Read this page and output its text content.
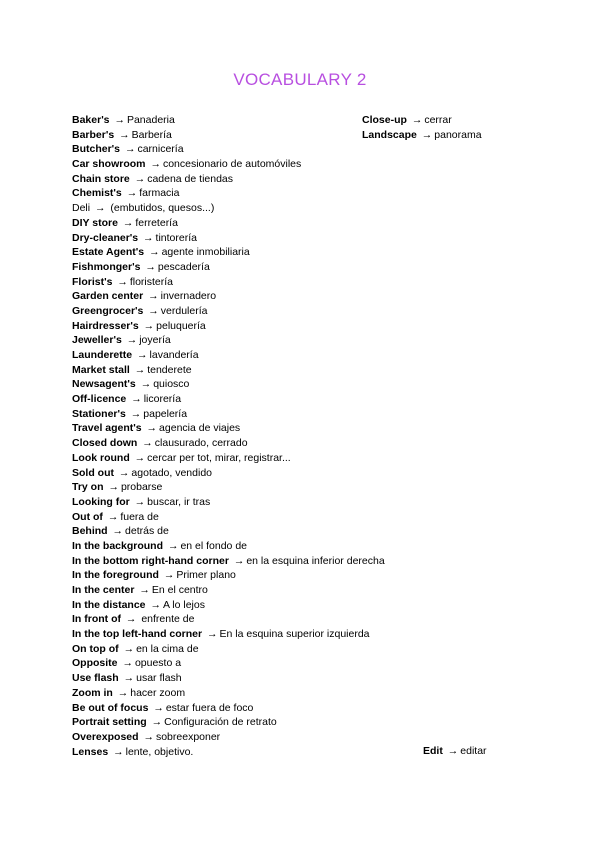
VOCABULARY 2
Baker's → Panaderia
Barber's → Barbería
Butcher's → carnicería
Car showroom → concesionario de automóviles
Chain store → cadena de tiendas
Chemist's → farmacia
Deli → (embutidos, quesos...)
DIY store → ferretería
Dry-cleaner's → tintorería
Estate Agent's → agente inmobiliaria
Fishmonger's → pescadería
Florist's → floristería
Garden center → invernadero
Greengrocer's → verdulería
Hairdresser's → peluquería
Jeweller's → joyería
Launderette → lavandería
Market stall → tenderete
Newsagent's → quiosco
Off-licence → licorería
Stationer's → papelería
Travel agent's → agencia de viajes
Closed down → clausurado, cerrado
Look round → cercar per tot, mirar, registrar...
Sold out → agotado, vendido
Try on → probarse
Looking for → buscar, ir tras
Out of → fuera de
Behind → detrás de
In the background → en el fondo de
In the bottom right-hand corner → en la esquina inferior derecha
In the foreground → Primer plano
In the center → En el centro
In the distance → A lo lejos
In front of → enfrente de
In the top left-hand corner → En la esquina superior izquierda
On top of → en la cima de
Opposite → opuesto a
Use flash → usar flash
Zoom in → hacer zoom
Be out of focus → estar fuera de foco
Portrait setting → Configuración de retrato
Overexposed → sobreexponer
Lenses → lente, objetivo.
Close-up → cerrar
Landscape → panorama
Edit → editar
